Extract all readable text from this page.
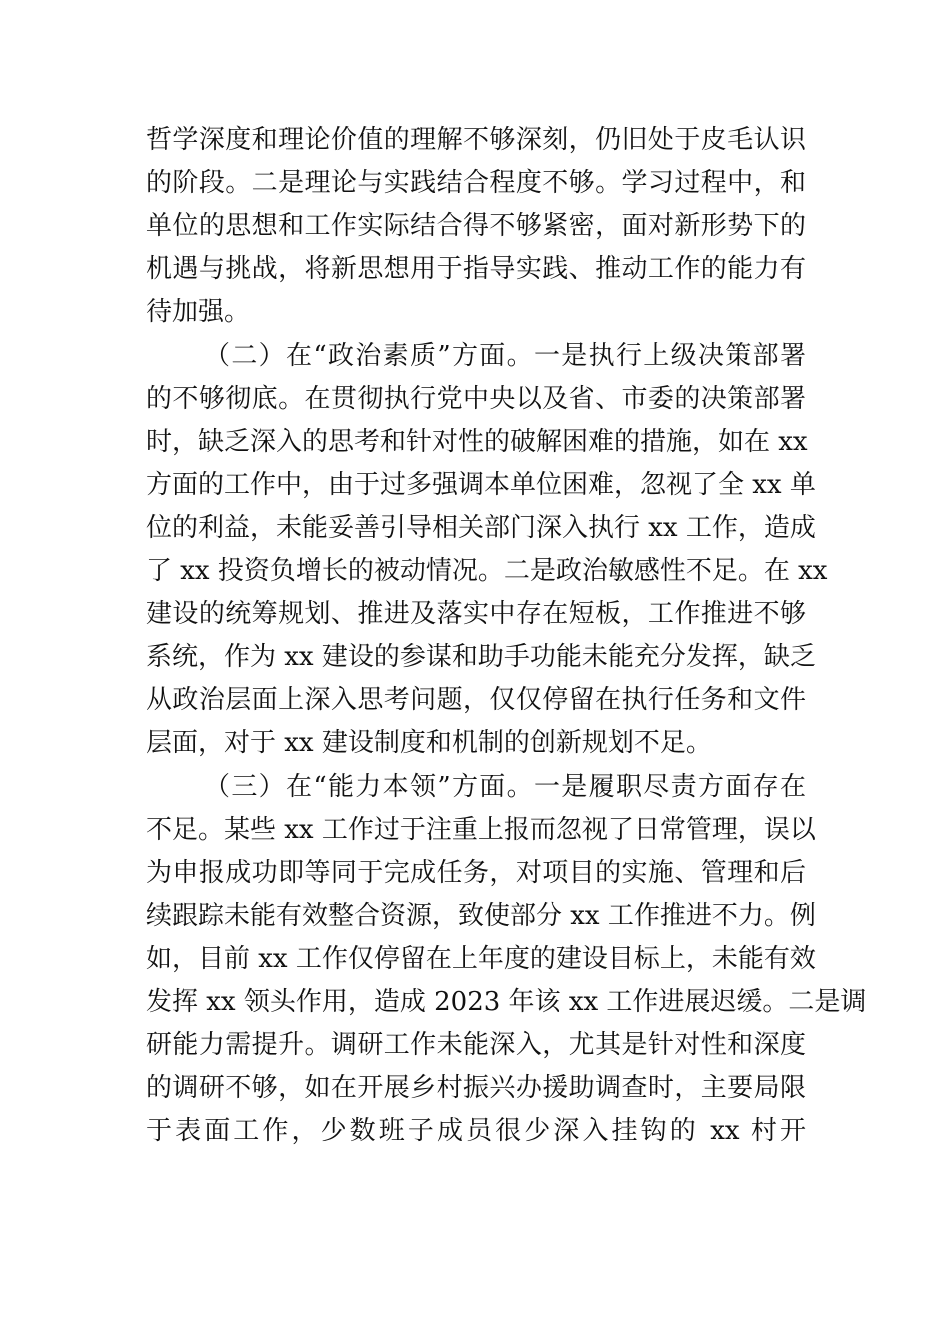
哲学深度和理论价值的理解不够深刻，仍旧处于皮毛认识
的阶段。二是理论与实践结合程度不够。学习过程中，和
单位的思想和工作实际结合得不够紧密，面对新形势下的
机遇与挑战，将新思想用于指导实践、推动工作的能力有
待加强。
（二）在“政治素质”方面。一是执行上级决策部署
的不够彻底。在贯彻执行党中央以及省、市委的决策部署
时，缺乏深入的思考和针对性的破解困难的措施，如在 xx
方面的工作中，由于过多强调本单位困难，忽视了全 xx 单
位的利益，未能妥善引导相关部门深入执行 xx 工作，造成
了 xx 投资负增长的被动情况。二是政治敏感性不足。在 xx
建设的统筹规划、推进及落实中存在短板，工作推进不够
系统，作为 xx 建设的参谋和助手功能未能充分发挥，缺乏
从政治层面上深入思考问题，仅仅停留在执行任务和文件
层面，对于 xx 建设制度和机制的创新规划不足。
（三）在“能力本领”方面。一是履职尽责方面存在
不足。某些 xx 工作过于注重上报而忽视了日常管理，误以
为申报成功即等同于完成任务，对项目的实施、管理和后
续跟踪未能有效整合资源，致使部分 xx 工作推进不力。例
如，目前 xx 工作仅停留在上年度的建设目标上，未能有效
发挥 xx 领头作用，造成 2023 年该 xx 工作进展迟缓。二是调
研能力需提升。调研工作未能深入，尤其是针对性和深度
的调研不够，如在开展乡村振兴办援助调查时，主要局限
于表面工作，少数班子成员很少深入挂钩的 xx 村开
